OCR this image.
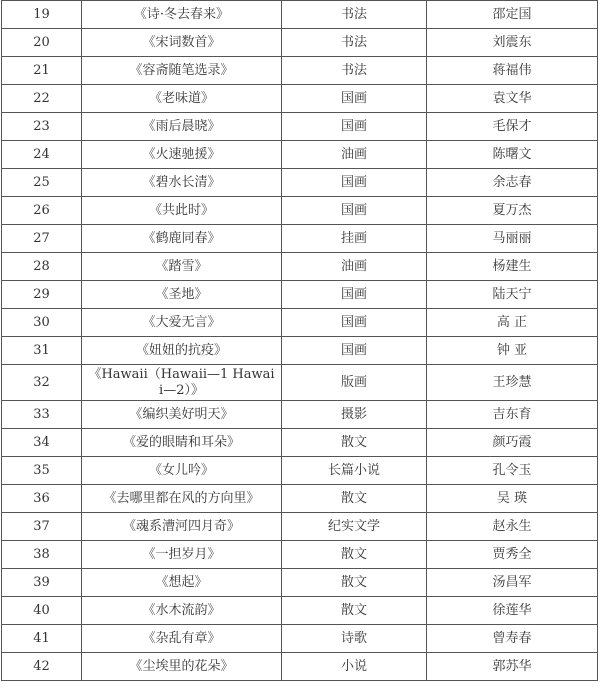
19	《诗·冬去春来》	书法	邵定国
20	《宋词数首》	书法	刘震东
21	《容斋随笔选录》	书法	蒋福伟
22	《老味道》	国画	袁文华
23	《雨后晨晓》	国画	毛保才
24	《火速驰援》	油画	陈曙文
25	《碧水长清》	国画	余志春
26	《共此时》	国画	夏万杰
27	《鹤鹿同春》	挂画	马丽丽
28	《踏雪》	油画	杨建生
29	《圣地》	国画	陆天宁
30	《大爱无言》	国画	高 正
31	《妞妞的抗疫》	国画	钟 亚
32	《Hawaii（Hawaii—1 Hawaii—2）》	版画	王珍慧
33	《编织美好明天》	摄影	吉东育
34	《爱的眼睛和耳朵》	散文	颜巧霞
35	《女儿吟》	长篇小说	孔令玉
36	《去哪里都在风的方向里》	散文	吴 瑛
37	《魂系漕河四月奇》	纪实文学	赵永生
38	《一担岁月》	散文	贾秀全
39	《想起》	散文	汤昌军
40	《水木流韵》	散文	徐莲华
41	《杂乱有章》	诗歌	曾寿春
42	《尘埃里的花朵》	小说	郭苏华
